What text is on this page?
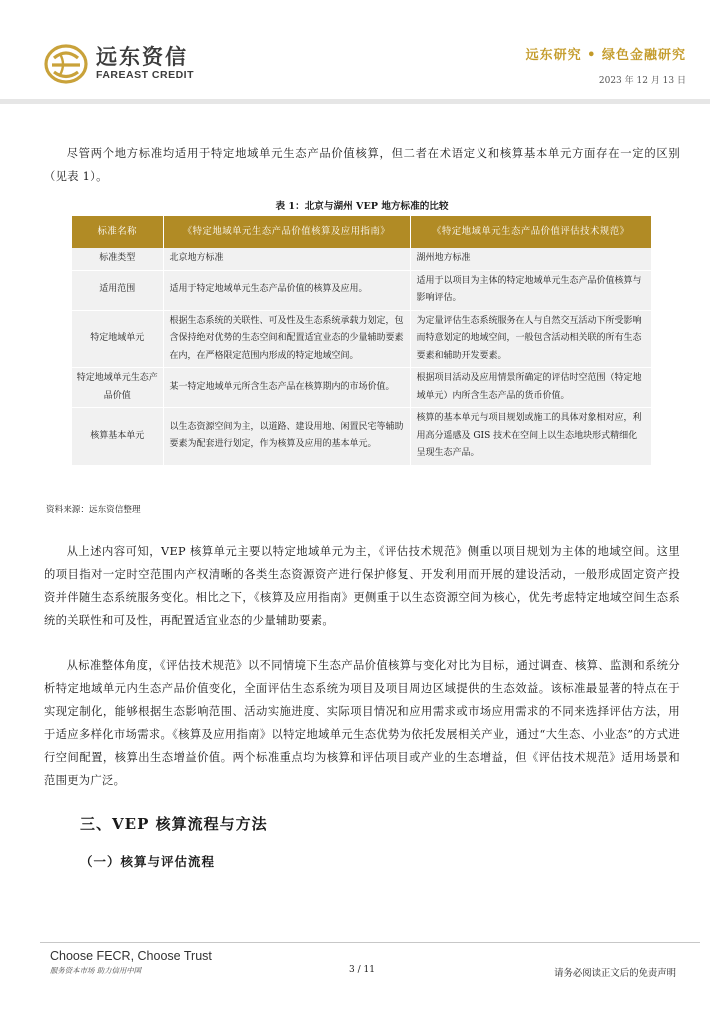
远东资信
FAREAST CREDIT
远东研究 • 绿色金融研究
2023 年 12 月 13 日

尽管两个地方标准均适用于特定地域单元生态产品价值核算，但二者在术语定义和核算基本单元方面存在一定的区别（见表 1）。

表 1：北京与湖州 VEP 地方标准的比较
标准名称	《特定地域单元生态产品价值核算及应用指南》	《特定地域单元生态产品价值评估技术规范》
标准类型	北京地方标准	湖州地方标准
适用范围	适用于特定地域单元生态产品价值的核算及应用。	适用于以项目为主体的特定地域单元生态产品价值核算与影响评估。
特定地域单元	根据生态系统的关联性、可及性及生态系统承载力划定，包含保持绝对优势的生态空间和配置适宜业态的少量辅助要素在内，在严格限定范围内形成的特定地域空间。	为定量评估生态系统服务在人与自然交互活动下所受影响而特意划定的地域空间，一般包含活动相关联的所有生态要素和辅助开发要素。
特定地域单元生态产品价值	某一特定地域单元所含生态产品在核算期内的市场价值。	根据项目活动及应用情景所确定的评估时空范围（特定地域单元）内所含生态产品的货币价值。
核算基本单元	以生态资源空间为主，以道路、建设用地、闲置民宅等辅助要素为配套进行划定，作为核算及应用的基本单元。	核算的基本单元与项目规划或施工的具体对象相对应，利用高分遥感及 GIS 技术在空间上以生态地块形式精细化呈现生态产品。
资料来源：远东资信整理

从上述内容可知，VEP 核算单元主要以特定地域单元为主，《评估技术规范》侧重以项目规划为主体的地域空间。这里的项目指对一定时空范围内产权清晰的各类生态资源资产进行保护修复、开发利用而开展的建设活动，一般形成固定资产投资并伴随生态系统服务变化。相比之下，《核算及应用指南》更侧重于以生态资源空间为核心，优先考虑特定地域空间生态系统的关联性和可及性，再配置适宜业态的少量辅助要素。

从标准整体角度，《评估技术规范》以不同情境下生态产品价值核算与变化对比为目标，通过调查、核算、监测和系统分析特定地域单元内生态产品价值变化，全面评估生态系统为项目及项目周边区域提供的生态效益。该标准最显著的特点在于实现定制化，能够根据生态影响范围、活动实施进度、实际项目情况和应用需求或市场应用需求的不同来选择评估方法，用于适应多样化市场需求。《核算及应用指南》以特定地域单元生态优势为依托发展相关产业，通过“大生态、小业态”的方式进行空间配置，核算出生态增益价值。两个标准重点均为核算和评估项目或产业的生态增益，但《评估技术规范》适用场景和范围更为广泛。

三、VEP 核算流程与方法
（一）核算与评估流程
Choose FECR, Choose Trust
服务资本市场 助力信用中国	3 / 11	请务必阅读正文后的免责声明
